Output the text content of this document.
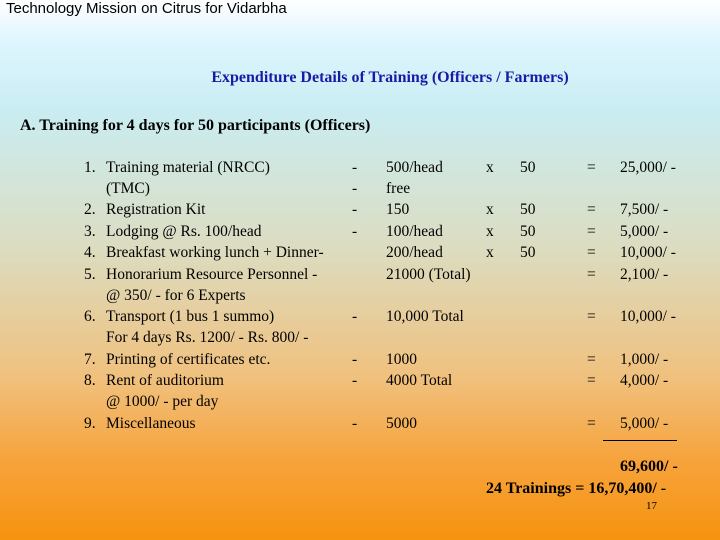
Technology Mission on Citrus for Vidarbha
Expenditure Details of Training (Officers / Farmers)
A. Training for 4 days for 50 participants (Officers)
1. Training material (NRCC)	- 500/head	x 50	= 25,000/ -
(TMC)	- free
2. Registration Kit	- 150	x 50	= 7,500/ -
3. Lodging @ Rs. 100/head	- 100/head	x 50	= 5,000/ -
4. Breakfast working lunch + Dinner-	200/head	x 50	= 10,000/ -
5. Honorarium Resource Personnel -	21000 (Total)	= 2,100/ -
@ 350/ - for 6 Experts
6. Transport (1 bus 1 summo)	- 10,000 Total	= 10,000/ -
For 4 days Rs. 1200/ - Rs. 800/ -
7. Printing of certificates etc.	- 1000	= 1,000/ -
8. Rent of auditorium	- 4000 Total	= 4,000/ -
@ 1000/ - per day
9. Miscellaneous	- 5000	= 5,000/ -
69,600/ -
24 Trainings = 16,70,400/ -
17
